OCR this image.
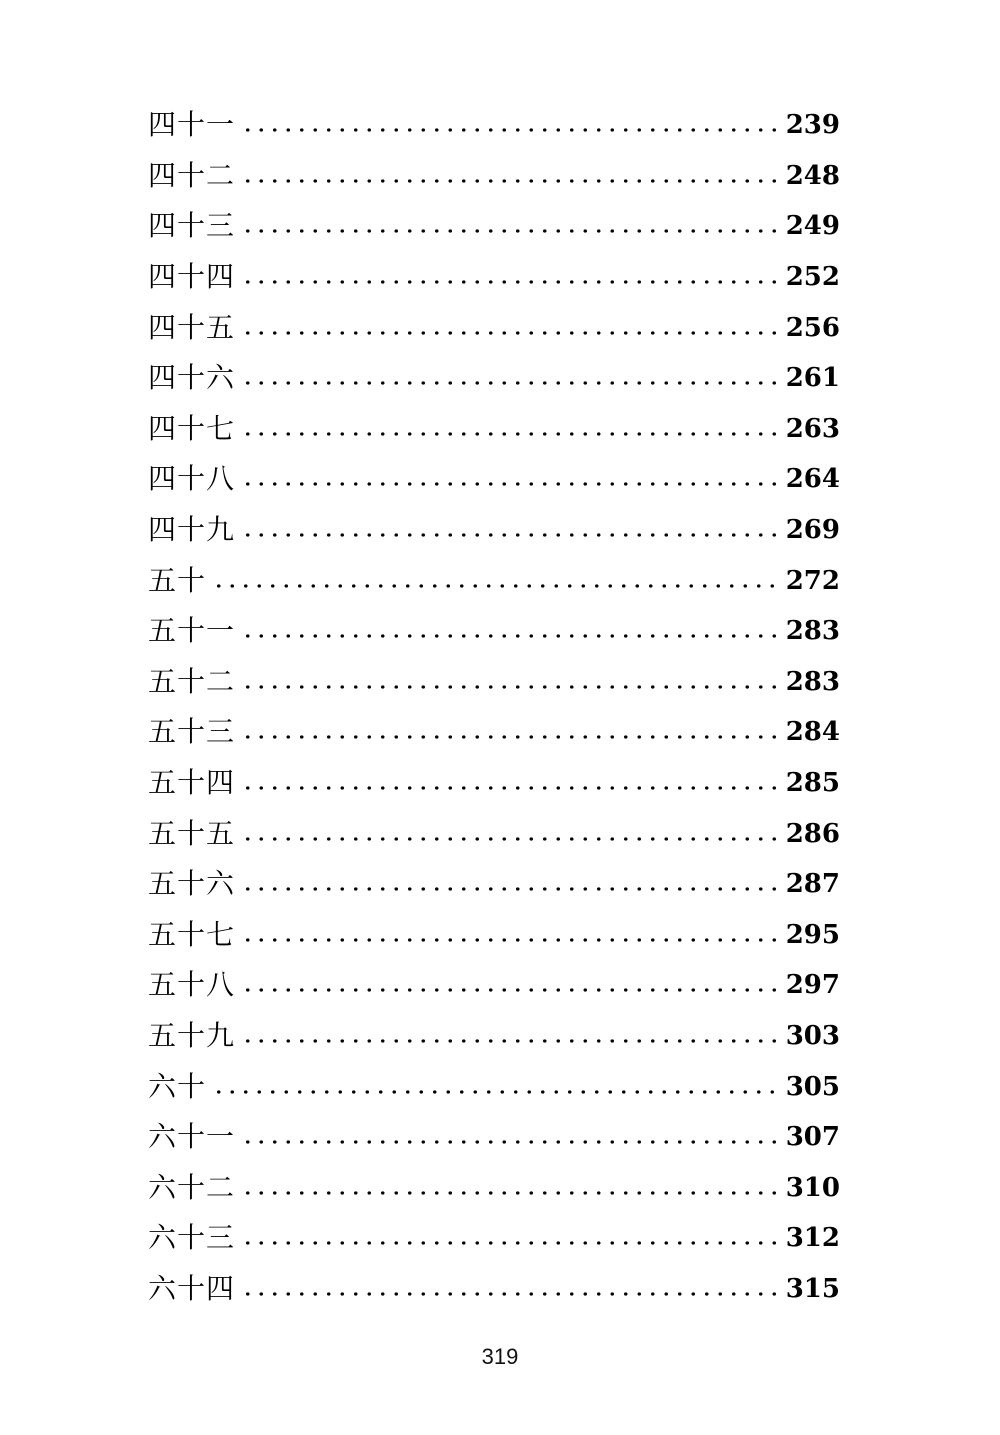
四十一	239
四十二	248
四十三	249
四十四	252
四十五	256
四十六	261
四十七	263
四十八	264
四十九	269
五十	272
五十一	283
五十二	283
五十三	284
五十四	285
五十五	286
五十六	287
五十七	295
五十八	297
五十九	303
六十	305
六十一	307
六十二	310
六十三	312
六十四	315
319
